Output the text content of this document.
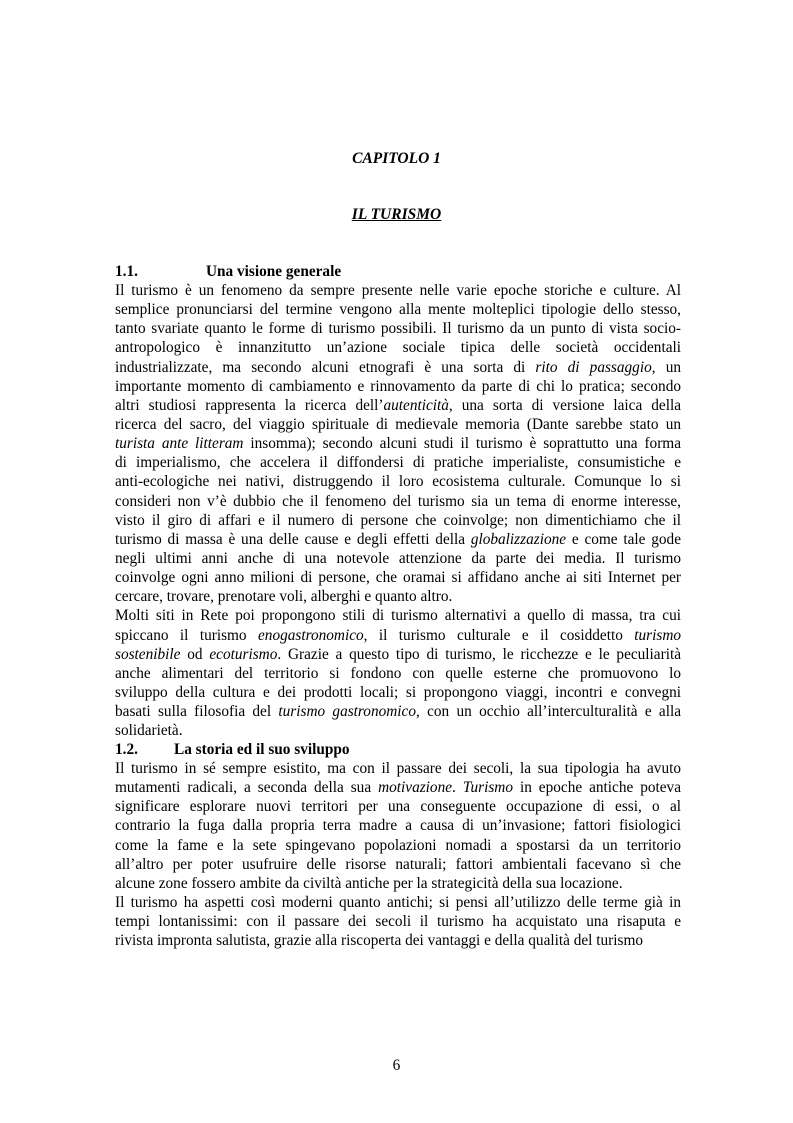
CAPITOLO 1
IL TURISMO
1.1.	Una visione generale
Il turismo è un fenomeno da sempre presente nelle varie epoche storiche e culture. Al
semplice pronunciarsi del termine vengono alla mente molteplici tipologie dello stesso,
tanto svariate quanto le forme di turismo possibili. Il turismo da un punto di vista socio-
antropologico è innanzitutto un’azione sociale tipica delle società occidentali
industrializzate, ma secondo alcuni etnografi è una sorta di rito di passaggio, un
importante momento di cambiamento e rinnovamento da parte di chi lo pratica; secondo
altri studiosi rappresenta la ricerca dell’autenticità, una sorta di versione laica della
ricerca del sacro, del viaggio spirituale di medievale memoria (Dante sarebbe stato un
turista ante litteram insomma); secondo alcuni studi il turismo è soprattutto una forma
di imperialismo, che accelera il diffondersi di pratiche imperialiste, consumistiche e
anti-ecologiche nei nativi, distruggendo il loro ecosistema culturale. Comunque lo si
consideri non v’è dubbio che il fenomeno del turismo sia un tema di enorme interesse,
visto il giro di affari e il numero di persone che coinvolge; non dimentichiamo che il
turismo di massa è una delle cause e degli effetti della globalizzazione e come tale gode
negli ultimi anni anche di una notevole attenzione da parte dei media. Il turismo
coinvolge ogni anno milioni di persone, che oramai si affidano anche ai siti Internet per
cercare, trovare, prenotare voli, alberghi e quanto altro.
Molti siti in Rete poi propongono stili di turismo alternativi a quello di massa, tra cui
spiccano il turismo enogastronomico, il turismo culturale e il cosiddetto turismo
sostenibile od ecoturismo. Grazie a questo tipo di turismo, le ricchezze e le peculiarità
anche alimentari del territorio si fondono con quelle esterne che promuovono lo
sviluppo della cultura e dei prodotti locali; si propongono viaggi, incontri e convegni
basati sulla filosofia del turismo gastronomico, con un occhio all’interculturalità e alla
solidarietà.
1.2.	La storia ed il suo sviluppo
Il turismo in sé sempre esistito, ma con il passare dei secoli, la sua tipologia ha avuto
mutamenti radicali, a seconda della sua motivazione. Turismo in epoche antiche poteva
significare esplorare nuovi territori per una conseguente occupazione di essi, o al
contrario la fuga dalla propria terra madre a causa di un’invasione; fattori fisiologici
come la fame e la sete spingevano popolazioni nomadi a spostarsi da un territorio
all’altro per poter usufruire delle risorse naturali; fattori ambientali facevano sì che
alcune zone fossero ambite da civiltà antiche per la strategicità della sua locazione.
Il turismo ha aspetti così moderni quanto antichi; si pensi all’utilizzo delle terme già in
tempi lontanissimi: con il passare dei secoli il turismo ha acquistato una risaputa e
rivista impronta salutista, grazie alla riscoperta dei vantaggi e della qualità del turismo
6
